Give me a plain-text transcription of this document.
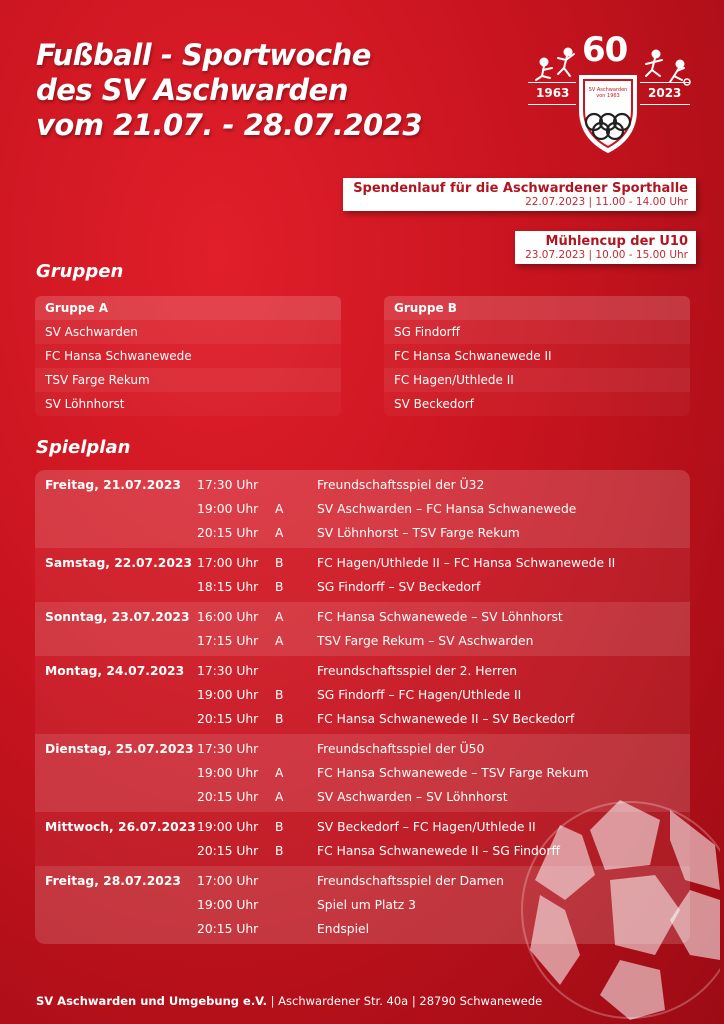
Fußball - Sportwoche
des SV Aschwarden
vom 21.07. - 28.07.2023
60
1963	2023
SV Aschwarden von 1963
Spendenlauf für die Aschwardener Sporthalle
22.07.2023 | 11.00 - 14.00 Uhr
Mühlencup der U10
23.07.2023 | 10.00 - 15.00 Uhr
Gruppen
Gruppe A
SV Aschwarden
FC Hansa Schwanewede
TSV Farge Rekum
SV Löhnhorst
Gruppe B
SG Findorff
FC Hansa Schwanewede II
FC Hagen/Uthlede II
SV Beckedorf
Spielplan
Freitag, 21.07.2023	17:30 Uhr	Freundschaftsspiel der Ü32
19:00 Uhr	A	SV Aschwarden – FC Hansa Schwanewede
20:15 Uhr	A	SV Löhnhorst – TSV Farge Rekum
Samstag, 22.07.2023 17:00 Uhr	B	FC Hagen/Uthlede II – FC Hansa Schwanewede II
18:15 Uhr	B	SG Findorff – SV Beckedorf
Sonntag, 23.07.2023 16:00 Uhr	A	FC Hansa Schwanewede – SV Löhnhorst
17:15 Uhr	A	TSV Farge Rekum – SV Aschwarden
Montag, 24.07.2023	17:30 Uhr	Freundschaftsspiel der 2. Herren
19:00 Uhr	B	SG Findorff – FC Hagen/Uthlede II
20:15 Uhr	B	FC Hansa Schwanewede II – SV Beckedorf
Dienstag, 25.07.2023 17:30 Uhr	Freundschaftsspiel der Ü50
19:00 Uhr	A	FC Hansa Schwanewede – TSV Farge Rekum
20:15 Uhr	A	SV Aschwarden – SV Löhnhorst
Mittwoch, 26.07.2023 19:00 Uhr	B	SV Beckedorf – FC Hagen/Uthlede II
20:15 Uhr	B	FC Hansa Schwanewede II – SG Findorff
Freitag, 28.07.2023	17:00 Uhr	Freundschaftsspiel der Damen
19:00 Uhr	Spiel um Platz 3
20:15 Uhr	Endspiel
SV Aschwarden und Umgebung e.V. | Aschwardener Str. 40a | 28790 Schwanewede
